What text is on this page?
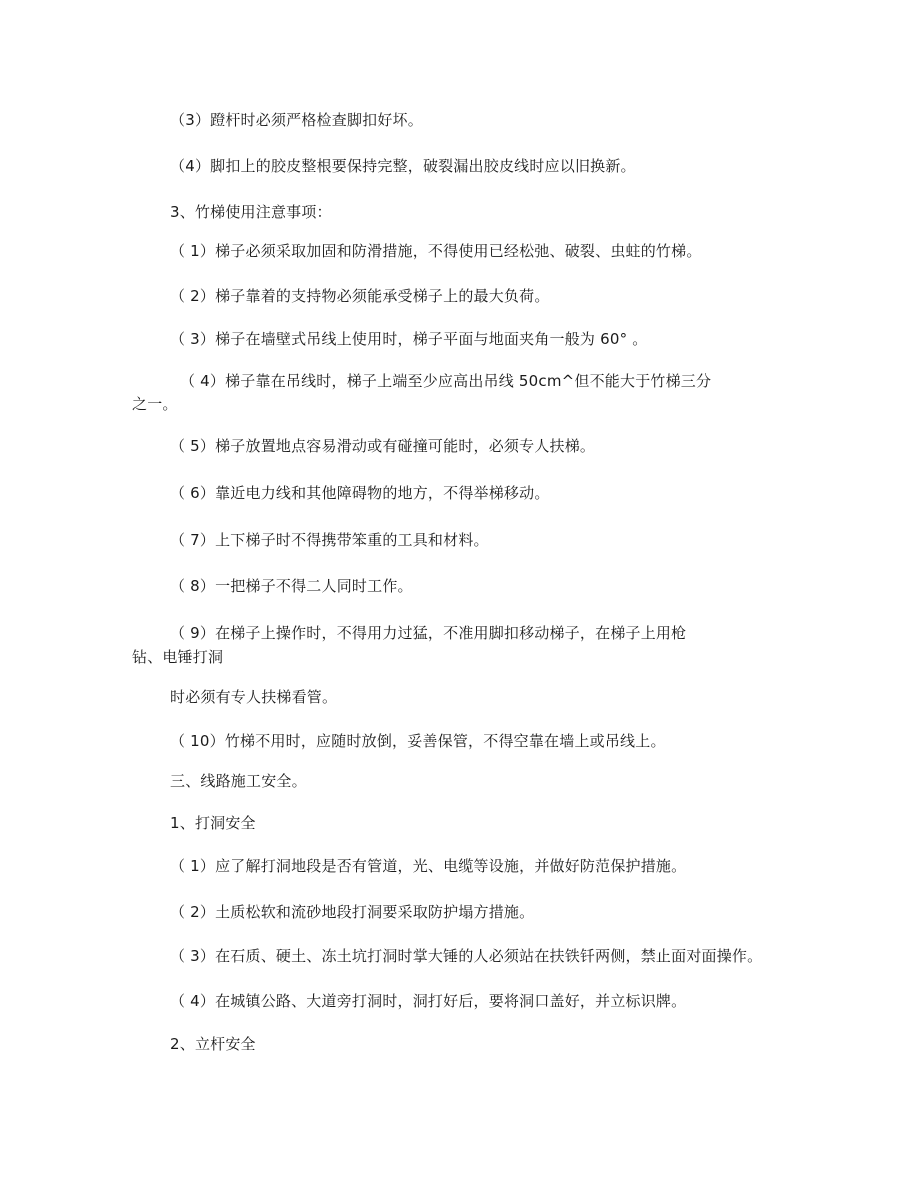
（3）蹬杆时必须严格检查脚扣好坏。
（4）脚扣上的胶皮整根要保持完整，破裂漏出胶皮线时应以旧换新。
3、竹梯使用注意事项：
（ 1）梯子必须采取加固和防滑措施，不得使用已经松弛、破裂、虫蛀的竹梯。
（ 2）梯子靠着的支持物必须能承受梯子上的最大负荷。
（ 3）梯子在墙壁式吊线上使用时，梯子平面与地面夹角一般为 60° 。
（ 4）梯子靠在吊线时，梯子上端至少应高出吊线 50cm^但不能大于竹梯三分
之一。
（ 5）梯子放置地点容易滑动或有碰撞可能时，必须专人扶梯。
（ 6）靠近电力线和其他障碍物的地方，不得举梯移动。
（ 7）上下梯子时不得携带笨重的工具和材料。
（ 8）一把梯子不得二人同时工作。
（ 9）在梯子上操作时，不得用力过猛，不准用脚扣移动梯子，在梯子上用枪
钻、电锤打洞
时必须有专人扶梯看管。
（ 10）竹梯不用时，应随时放倒，妥善保管，不得空靠在墙上或吊线上。
三、线路施工安全。
1、打洞安全
（ 1）应了解打洞地段是否有管道，光、电缆等设施，并做好防范保护措施。
（ 2）土质松软和流砂地段打洞要采取防护塌方措施。
（ 3）在石质、硬土、冻土坑打洞时掌大锤的人必须站在扶铁钎两侧，禁止面对面操作。
（ 4）在城镇公路、大道旁打洞时，洞打好后，要将洞口盖好，并立标识牌。
2、立杆安全
